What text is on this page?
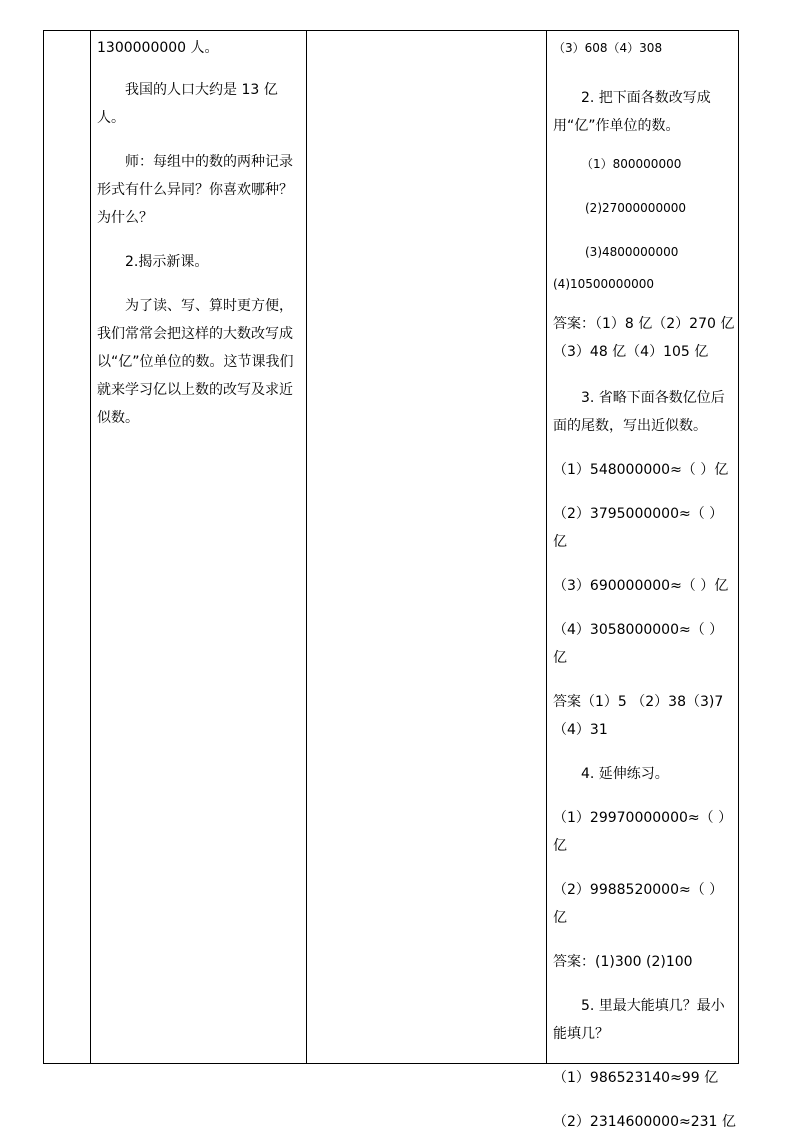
1300000000 人。

我国的人口大约是 13 亿人。

师：每组中的数的两种记录形式有什么异同？你喜欢哪种？为什么？

2.揭示新课。

为了读、写、算时更方便，我们常常会把这样的大数改写成以“亿”位单位的数。这节课我们就来学习亿以上数的改写及求近似数。

（3）608（4）308

2. 把下面各数改写成用“亿”作单位的数。

（1）800000000

(2)27000000000

(3)4800000000

(4)10500000000

答案：（1）8 亿（2）270 亿（3）48 亿（4）105 亿

3. 省略下面各数亿位后面的尾数，写出近似数。

（1）548000000≈（ ）亿

（2）3795000000≈（ ）亿

（3）690000000≈（ ）亿

（4）3058000000≈（ ）亿

答案（1）5 （2）38（3)7（4）31

4. 延伸练习。

（1）29970000000≈（ ）亿

（2）9988520000≈（ ）亿

答案：(1)300 (2)100

5. 里最大能填几？最小能填几？

（1）986523140≈99 亿

（2）2314600000≈231 亿
